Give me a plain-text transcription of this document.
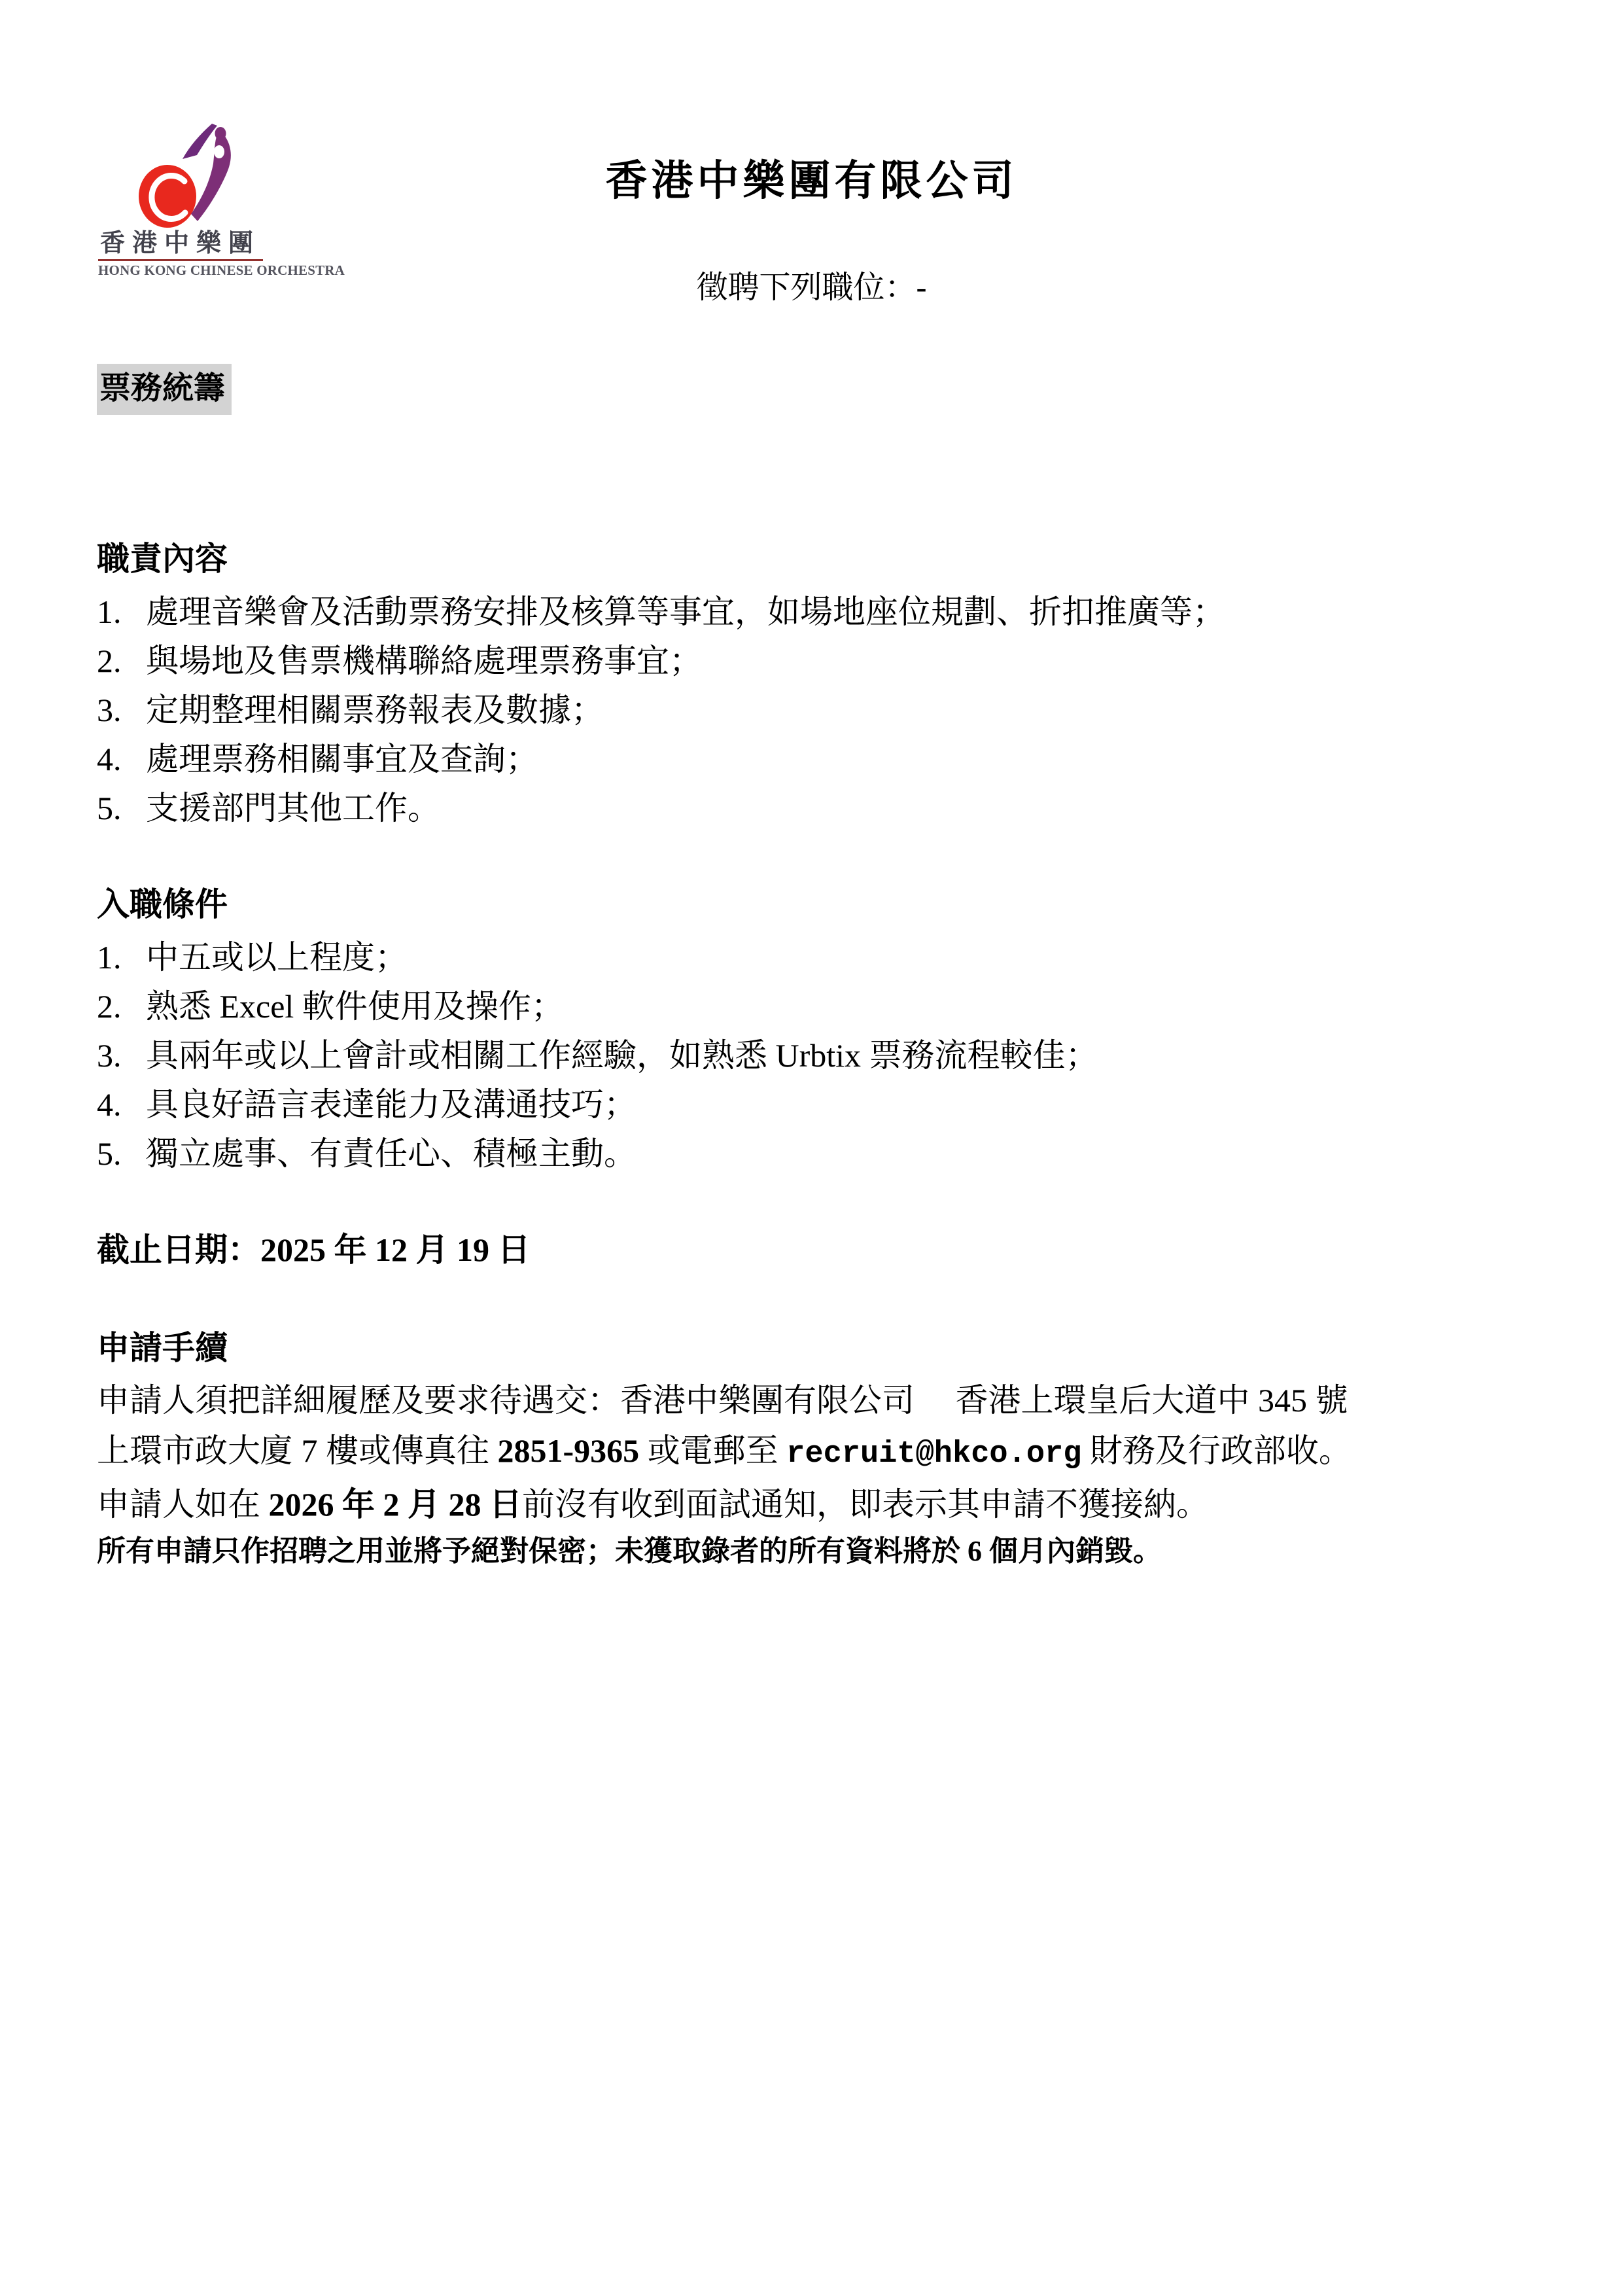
香港中樂團
HONG KONG CHINESE ORCHESTRA
香港中樂團有限公司
徵聘下列職位：-
票務統籌
職責內容
1. 處理音樂會及活動票務安排及核算等事宜，如場地座位規劃、折扣推廣等；
2. 與場地及售票機構聯絡處理票務事宜；
3. 定期整理相關票務報表及數據；
4. 處理票務相關事宜及查詢；
5. 支援部門其他工作。
入職條件
1. 中五或以上程度；
2. 熟悉 Excel 軟件使用及操作；
3. 具兩年或以上會計或相關工作經驗，如熟悉 Urbtix 票務流程較佳；
4. 具良好語言表達能力及溝通技巧；
5. 獨立處事、有責任心、積極主動。
截止日期：2025 年 12 月 19 日
申請手續
申請人須把詳細履歷及要求待遇交：香港中樂團有限公司　 香港上環皇后大道中 345 號
上環市政大廈 7 樓或傳真往 2851-9365 或電郵至 recruit@hkco.org 財務及行政部收。
申請人如在 2026 年 2 月 28 日前沒有收到面試通知，即表示其申請不獲接納。
所有申請只作招聘之用並將予絕對保密；未獲取錄者的所有資料將於 6 個月內銷毀。
